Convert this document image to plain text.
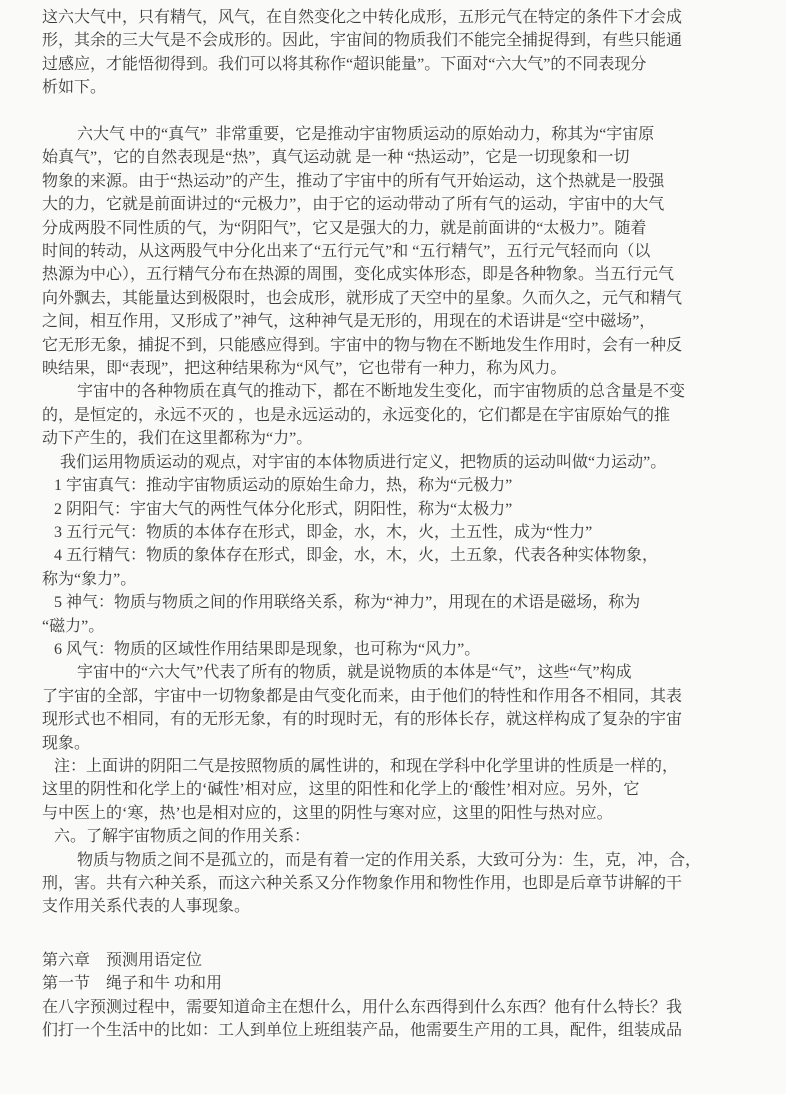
这六大气中，只有精气，风气，在自然变化之中转化成形，五形元气在特定的条件下才会成
形，其余的三大气是不会成形的。因此，宇宙间的物质我们不能完全捕捉得到，有些只能通
过感应，才能悟彻得到。我们可以将其称作“超识能量”。下面对“六大气”的不同表现分
析如下。
六大气 中的“真气”  非常重要，它是推动宇宙物质运动的原始动力，称其为“宇宙原
始真气”，它的自然表现是“热”，真气运动就 是一种 “热运动”，它是一切现象和一切
物象的来源。由于“热运动”的产生，推动了宇宙中的所有气开始运动，这个热就是一股强
大的力，它就是前面讲过的“元极力”，由于它的运动带动了所有气的运动，宇宙中的大气
分成两股不同性质的气，为“阴阳气”，它又是强大的力，就是前面讲的“太极力”。随着
时间的转动，从这两股气中分化出来了“五行元气”和 “五行精气”，五行元气轻而向（以
热源为中心），五行精气分布在热源的周围，变化成实体形态，即是各种物象。当五行元气
向外飘去，其能量达到极限时，也会成形，就形成了天空中的星象。久而久之，元气和精气
之间，相互作用，又形成了”神气，这种神气是无形的，用现在的术语讲是“空中磁场”，
它无形无象，捕捉不到，只能感应得到。宇宙中的物与物在不断地发生作用时，会有一种反
映结果，即“表现”，把这种结果称为“风气”，它也带有一种力，称为风力。
宇宙中的各种物质在真气的推动下，都在不断地发生变化，而宇宙物质的总含量是不变
的，是恒定的，永远不灭的 ，也是永远运动的，永远变化的，它们都是在宇宙原始气的推
动下产生的，我们在这里都称为“力”。
我们运用物质运动的观点，对宇宙的本体物质进行定义，把物质的运动叫做“力运动”。
1 宇宙真气：推动宇宙物质运动的原始生命力，热，称为“元极力”
2 阴阳气：宇宙大气的两性气体分化形式，阴阳性，称为“太极力”
3 五行元气：物质的本体存在形式，即金，水，木，火，土五性，成为“性力”
4 五行精气：物质的象体存在形式，即金，水，木，火，土五象，代表各种实体物象，
称为“象力”。
5 神气：物质与物质之间的作用联络关系，称为“神力”，用现在的术语是磁场，称为
“磁力”。
6 风气：物质的区域性作用结果即是现象，也可称为“风力”。
宇宙中的“六大气”代表了所有的物质，就是说物质的本体是“气”，这些“气”构成
了宇宙的全部，宇宙中一切物象都是由气变化而来，由于他们的特性和作用各不相同，其表
现形式也不相同，有的无形无象，有的时现时无，有的形体长存，就这样构成了复杂的宇宙
现象。
注：上面讲的阴阳二气是按照物质的属性讲的，和现在学科中化学里讲的性质是一样的，
这里的阴性和化学上的‘碱性’相对应，这里的阳性和化学上的‘酸性’相对应。另外，它
与中医上的‘寒，热’也是相对应的，这里的阴性与寒对应，这里的阳性与热对应。
六。了解宇宙物质之间的作用关系：
物质与物质之间不是孤立的，而是有着一定的作用关系，大致可分为：生，克，冲，合，
刑，害。共有六种关系，而这六种关系又分作物象作用和物性作用，也即是后章节讲解的干
支作用关系代表的人事现象。
第六章　预测用语定位
第一节　绳子和牛 功和用
在八字预测过程中，需要知道命主在想什么，用什么东西得到什么东西？他有什么特长？我
们打一个生活中的比如：工人到单位上班组装产品，他需要生产用的工具，配件，组装成品
